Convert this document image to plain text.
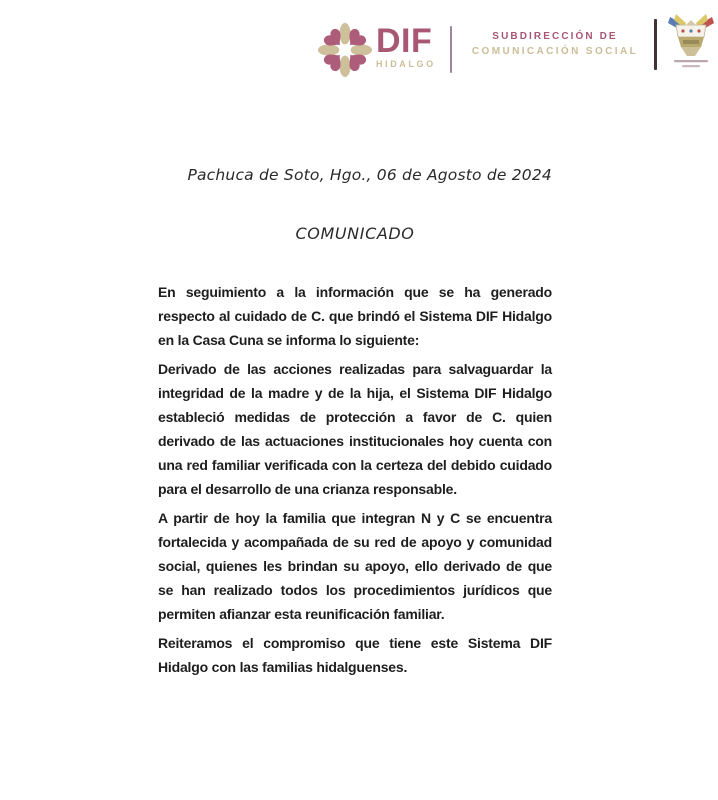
DIF
HIDALGO
SUBDIRECCIÓN DE
COMUNICACIÓN SOCIAL
Pachuca de Soto, Hgo., 06 de Agosto de 2024
COMUNICADO

En seguimiento a la información que se ha generado respecto al cuidado de C. que brindó el Sistema DIF Hidalgo en la Casa Cuna se informa lo siguiente:

Derivado de las acciones realizadas para salvaguardar la integridad de la madre y de la hija, el Sistema DIF Hidalgo estableció medidas de protección a favor de C. quien derivado de las actuaciones institucionales hoy cuenta con una red familiar verificada con la certeza del debido cuidado para el desarrollo de una crianza responsable.

A partir de hoy la familia que integran N y C se encuentra fortalecida y acompañada de su red de apoyo y comunidad social, quienes les brindan su apoyo, ello derivado de que se han realizado todos los procedimientos jurídicos que permiten afianzar esta reunificación familiar.

Reiteramos el compromiso que tiene este Sistema DIF Hidalgo con las familias hidalguenses.
